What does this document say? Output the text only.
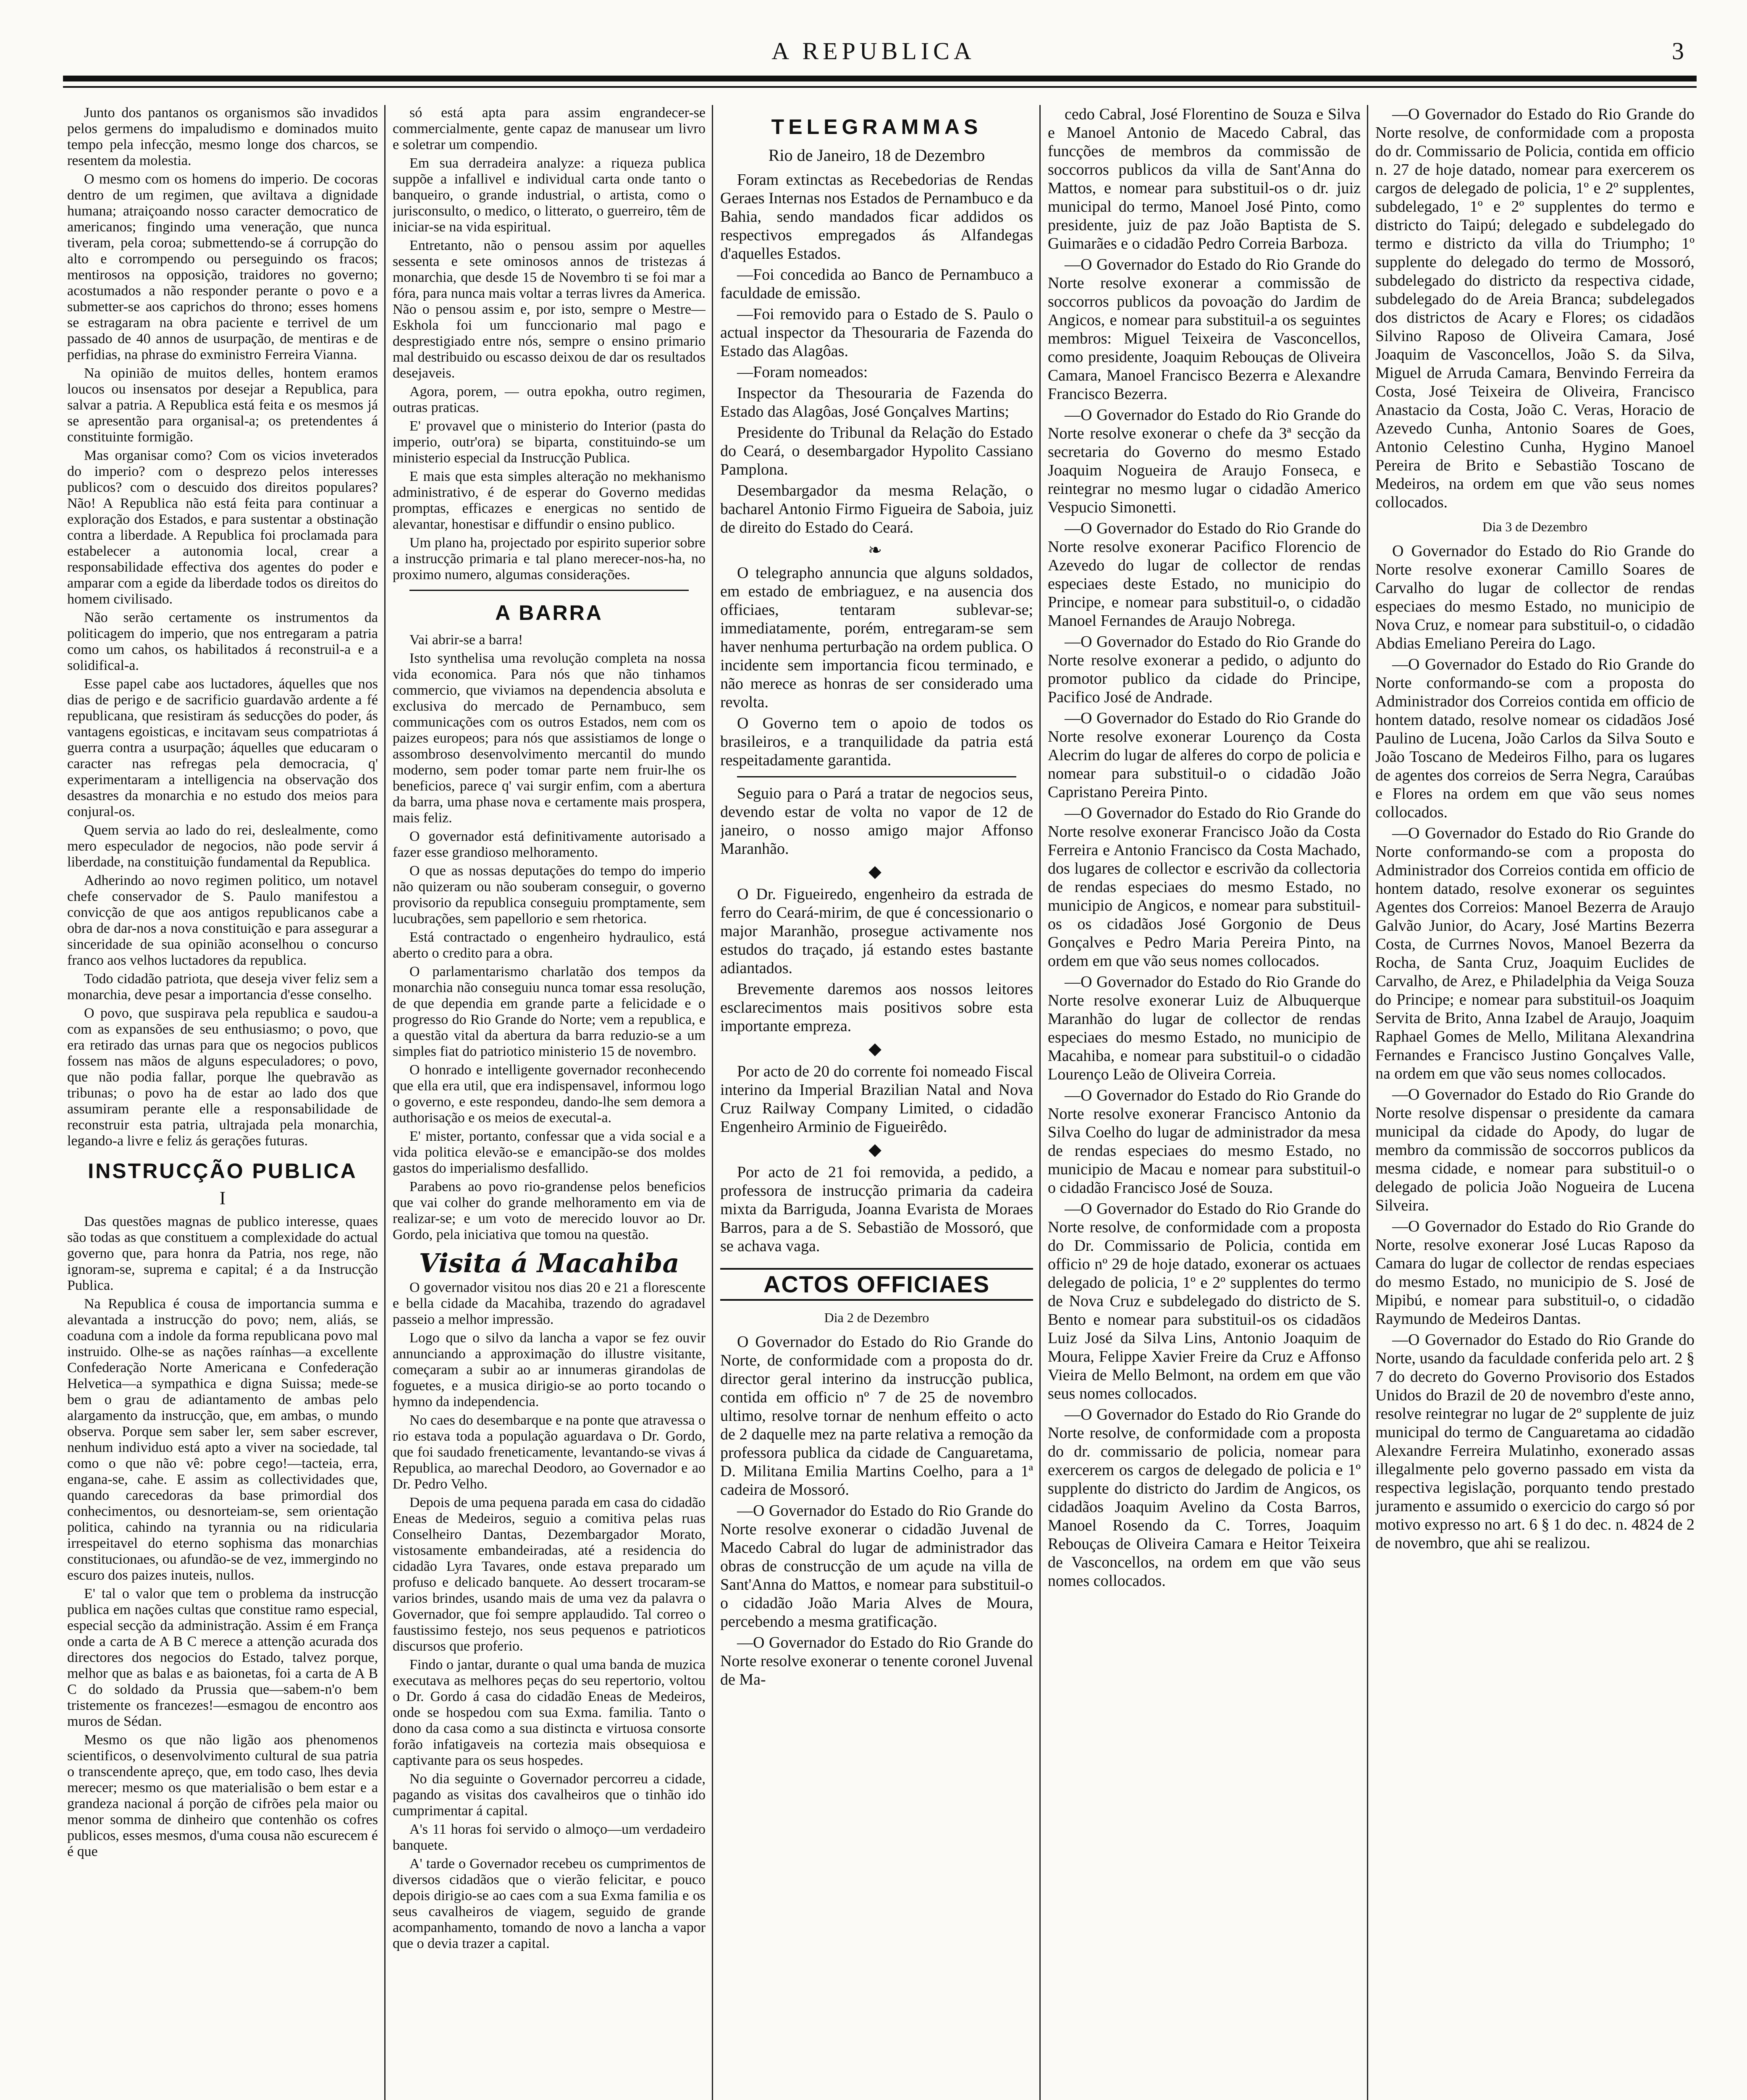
A REPUBLICA	3

Junto dos pantanos os organismos são invadidos pelos germens do impaludismo e dominados muito tempo pela infecção, mesmo longe dos charcos, se resentem da molestia.

O mesmo com os homens do imperio. De cocoras dentro de um regimen, que aviltava a dignidade humana; atraiçoando nosso caracter democratico de americanos; fingindo uma veneração, que nunca tiveram, pela coroa; submettendo-se á corrupção do alto e corrompendo ou perseguindo os fracos; mentirosos na opposição, traidores no governo; acostumados a não responder perante o povo e a submetter-se aos caprichos do throno; esses homens se estragaram na obra paciente e terrivel de um passado de 40 annos de usurpação, de mentiras e de perfidias, na phrase do exministro Ferreira Vianna.

Na opinião de muitos delles, hontem eramos loucos ou insensatos por desejar a Republica, para salvar a patria. A Republica está feita e os mesmos já se apresentão para organisal-a; os pretendentes á constituinte formigão.

Mas organisar como? Com os vicios inveterados do imperio? com o desprezo pelos interesses publicos? com o descuido dos direitos populares? Não! A Republica não está feita para continuar a exploração dos Estados, e para sustentar a obstinação contra a liberdade. A Republica foi proclamada para estabelecer a autonomia local, crear a responsabilidade effectiva dos agentes do poder e amparar com a egide da liberdade todos os direitos do homem civilisado.

Não serão certamente os instrumentos da politicagem do imperio, que nos entregaram a patria como um cahos, os habilitados á reconstruil-a e a solidifical-a.

Esse papel cabe aos luctadores, áquelles que nos dias de perigo e de sacrificio guardavão ardente a fé republicana, que resistiram ás seducções do poder, ás vantagens egoisticas, e incitavam seus compatriotas á guerra contra a usurpação; áquelles que educaram o caracter nas refregas pela democracia, q' experimentaram a intelligencia na observação dos desastres da monarchia e no estudo dos meios para conjural-os.

Quem servia ao lado do rei, deslealmente, como mero especulador de negocios, não pode servir á liberdade, na constituição fundamental da Republica.

Adherindo ao novo regimen politico, um notavel chefe conservador de S. Paulo manifestou a convicção de que aos antigos republicanos cabe a obra de dar-nos a nova constituição e para assegurar a sinceridade de sua opinião aconselhou o concurso franco aos velhos luctadores da republica.

Todo cidadão patriota, que deseja viver feliz sem a monarchia, deve pesar a importancia d'esse conselho.

O povo, que suspirava pela republica e saudou-a com as expansões de seu enthusiasmo; o povo, que era retirado das urnas para que os negocios publicos fossem nas mãos de alguns especuladores; o povo, que não podia fallar, porque lhe quebravão as tribunas; o povo ha de estar ao lado dos que assumiram perante elle a responsabilidade de reconstruir esta patria, ultrajada pela monarchia, legando-a livre e feliz ás gerações futuras.

INSTRUCÇÃO PUBLICA
I

Das questões magnas de publico interesse, quaes são todas as que constituem a complexidade do actual governo que, para honra da Patria, nos rege, não ignoram-se, suprema e capital; é a da Instrucção Publica.

Na Republica é cousa de importancia summa e alevantada a instrucção do povo; nem, aliás, se coaduna com a indole da forma republicana povo mal instruido. Olhe-se as nações raínhas—a excellente Confederação Norte Americana e Confederação Helvetica—a sympathica e digna Suissa; mede-se bem o grau de adiantamento de ambas pelo alargamento da instrucção, que, em ambas, o mundo observa. Porque sem saber ler, sem saber escrever, nenhum individuo está apto a viver na sociedade, tal como o que não vê: pobre cego!—tacteia, erra, engana-se, cahe. E assim as collectividades que, quando carecedoras da base primordial dos conhecimentos, ou desnorteiam-se, sem orientação politica, cahindo na tyrannia ou na ridicularia irrespeitavel do eterno sophisma das monarchias constitucionaes, ou afundão-se de vez, immergindo no escuro dos paizes inuteis, nullos.

E' tal o valor que tem o problema da instrucção publica em nações cultas que constitue ramo especial, especial secção da administração. Assim é em França onde a carta de A B C merece a attenção acurada dos directores dos negocios do Estado, talvez porque, melhor que as balas e as baionetas, foi a carta de A B C do soldado da Prussia que—sabem-n'o bem tristemente os francezes!—esmagou de encontro aos muros de Sédan.

Mesmo os que não ligão aos phenomenos scientificos, o desenvolvimento cultural de sua patria o transcendente apreço, que, em todo caso, lhes devia merecer; mesmo os que materialisão o bem estar e a grandeza nacional á porção de cifrões pela maior ou menor somma de dinheiro que contenhão os cofres publicos, esses mesmos, d'uma cousa não escurecem é é que

só está apta para assim engrandecer-se commercialmente, gente capaz de manusear um livro e soletrar um compendio.

Em sua derradeira analyze: a riqueza publica suppõe a infallivel e individual carta onde tanto o banqueiro, o grande industrial, o artista, como o jurisconsulto, o medico, o litterato, o guerreiro, têm de iniciar-se na vida espiritual.

Entretanto, não o pensou assim por aquelles sessenta e sete ominosos annos de tristezas á monarchia, que desde 15 de Novembro ti se foi mar a fóra, para nunca mais voltar a terras livres da America. Não o pensou assim e, por isto, sempre o Mestre—Eskhola foi um funccionario mal pago e desprestigiado entre nós, sempre o ensino primario mal destribuido ou escasso deixou de dar os resultados desejaveis.

Agora, porem, — outra epokha, outro regimen, outras praticas.

E' provavel que o ministerio do Interior (pasta do imperio, outr'ora) se biparta, constituindo-se um ministerio especial da Instrucção Publica.

E mais que esta simples alteração no mekhanismo administrativo, é de esperar do Governo medidas promptas, efficazes e energicas no sentido de alevantar, honestisar e diffundir o ensino publico.

Um plano ha, projectado por espirito superior sobre a instrucção primaria e tal plano merecer-nos-ha, no proximo numero, algumas considerações.

A BARRA

Vai abrir-se a barra!

Isto synthelisa uma revolução completa na nossa vida economica. Para nós que não tinhamos commercio, que viviamos na dependencia absoluta e exclusiva do mercado de Pernambuco, sem communicações com os outros Estados, nem com os paizes europeos; para nós que assistiamos de longe o assombroso desenvolvimento mercantil do mundo moderno, sem poder tomar parte nem fruir-lhe os beneficios, parece q' vai surgir enfim, com a abertura da barra, uma phase nova e certamente mais prospera, mais feliz.

O governador está definitivamente autorisado a fazer esse grandioso melhoramento.

O que as nossas deputações do tempo do imperio não quizeram ou não souberam conseguir, o governo provisorio da republica conseguiu promptamente, sem lucubrações, sem papellorio e sem rhetorica.

Está contractado o engenheiro hydraulico, está aberto o credito para a obra.

O parlamentarismo charlatão dos tempos da monarchia não conseguiu nunca tomar essa resolução, de que dependia em grande parte a felicidade e o progresso do Rio Grande do Norte; vem a republica, e a questão vital da abertura da barra reduzio-se a um simples fiat do patriotico ministerio 15 de novembro.

O honrado e intelligente governador reconhecendo que ella era util, que era indispensavel, informou logo o governo, e este respondeu, dando-lhe sem demora a authorisação e os meios de executal-a.

E' mister, portanto, confessar que a vida social e a vida politica elevão-se e emancipão-se dos moldes gastos do imperialismo desfallido.

Parabens ao povo rio-grandense pelos beneficios que vai colher do grande melhoramento em via de realizar-se; e um voto de merecido louvor ao Dr. Gordo, pela iniciativa que tomou na questão.

Visita á Macahiba

O governador visitou nos dias 20 e 21 a florescente e bella cidade da Macahiba, trazendo do agradavel passeio a melhor impressão.

Logo que o silvo da lancha a vapor se fez ouvir annunciando a approximação do illustre visitante, começaram a subir ao ar innumeras girandolas de foguetes, e a musica dirigio-se ao porto tocando o hymno da independencia.

No caes do desembarque e na ponte que atravessa o rio estava toda a população aguardava o Dr. Gordo, que foi saudado freneticamente, levantando-se vivas á Republica, ao marechal Deodoro, ao Governador e ao Dr. Pedro Velho.

Depois de uma pequena parada em casa do cidadão Eneas de Medeiros, seguio a comitiva pelas ruas Conselheiro Dantas, Dezembargador Morato, vistosamente embandeiradas, até a residencia do cidadão Lyra Tavares, onde estava preparado um profuso e delicado banquete. Ao dessert trocaram-se varios brindes, usando mais de uma vez da palavra o Governador, que foi sempre applaudido. Tal correo o faustissimo festejo, nos seus pequenos e patrioticos discursos que proferio.

Findo o jantar, durante o qual uma banda de muzica executava as melhores peças do seu repertorio, voltou o Dr. Gordo á casa do cidadão Eneas de Medeiros, onde se hospedou com sua Exma. familia. Tanto o dono da casa como a sua distincta e virtuosa consorte forão infatigaveis na cortezia mais obsequiosa e captivante para os seus hospedes.

No dia seguinte o Governador percorreu a cidade, pagando as visitas dos cavalheiros que o tinhão ido cumprimentar á capital.

A's 11 horas foi servido o almoço—um verdadeiro banquete.

A' tarde o Governador recebeu os cumprimentos de diversos cidadãos que o vierão felicitar, e pouco depois dirigio-se ao caes com a sua Exma familia e os seus cavalheiros de viagem, seguido de grande acompanhamento, tomando de novo a lancha a vapor que o devia trazer a capital.

TELEGRAMMAS
Rio de Janeiro, 18 de Dezembro

Foram extinctas as Recebedorias de Rendas Geraes Internas nos Estados de Pernambuco e da Bahia, sendo mandados ficar addidos os respectivos empregados ás Alfandegas d'aquelles Estados.

—Foi concedida ao Banco de Pernambuco a faculdade de emissão.

—Foi removido para o Estado de S. Paulo o actual inspector da Thesouraria de Fazenda do Estado das Alagôas.

—Foram nomeados:

Inspector da Thesouraria de Fazenda do Estado das Alagôas, José Gonçalves Martins;

Presidente do Tribunal da Relação do Estado do Ceará, o desembargador Hypolito Cassiano Pamplona.

Desembargador da mesma Relação, o bacharel Antonio Firmo Figueira de Saboia, juiz de direito do Estado do Ceará.

❧

O telegrapho annuncia que alguns soldados, em estado de embriaguez, e na ausencia dos officiaes, tentaram sublevar-se; immediatamente, porém, entregaram-se sem haver nenhuma perturbação na ordem publica. O incidente sem importancia ficou terminado, e não merece as honras de ser considerado uma revolta.

O Governo tem o apoio de todos os brasileiros, e a tranquilidade da patria está respeitadamente garantida.

Seguio para o Pará a tratar de negocios seus, devendo estar de volta no vapor de 12 de janeiro, o nosso amigo major Affonso Maranhão.

◆

O Dr. Figueiredo, engenheiro da estrada de ferro do Ceará-mirim, de que é concessionario o major Maranhão, prosegue activamente nos estudos do traçado, já estando estes bastante adiantados.

Brevemente daremos aos nossos leitores esclarecimentos mais positivos sobre esta importante empreza.

◆

Por acto de 20 do corrente foi nomeado Fiscal interino da Imperial Brazilian Natal and Nova Cruz Railway Company Limited, o cidadão Engenheiro Arminio de Figueirêdo.

◆

Por acto de 21 foi removida, a pedido, a professora de instrucção primaria da cadeira mixta da Barriguda, Joanna Evarista de Moraes Barros, para a de S. Sebastião de Mossoró, que se achava vaga.

ACTOS OFFICIAES
Dia 2 de Dezembro

O Governador do Estado do Rio Grande do Norte, de conformidade com a proposta do dr. director geral interino da instrucção publica, contida em officio nº 7 de 25 de novembro ultimo, resolve tornar de nenhum effeito o acto de 2 daquelle mez na parte relativa a remoção da professora publica da cidade de Canguaretama, D. Militana Emilia Martins Coelho, para a 1ª cadeira de Mossoró.

—O Governador do Estado do Rio Grande do Norte resolve exonerar o cidadão Juvenal de Macedo Cabral do lugar de administrador das obras de construcção de um açude na villa de Sant'Anna do Mattos, e nomear para substituil-o o cidadão João Maria Alves de Moura, percebendo a mesma gratificação.

—O Governador do Estado do Rio Grande do Norte resolve exonerar o tenente coronel Juvenal de Ma-

cedo Cabral, José Florentino de Souza e Silva e Manoel Antonio de Macedo Cabral, das funcções de membros da commissão de soccorros publicos da villa de Sant'Anna do Mattos, e nomear para substituil-os o dr. juiz municipal do termo, Manoel José Pinto, como presidente, juiz de paz João Baptista de S. Guimarães e o cidadão Pedro Correia Barboza.

—O Governador do Estado do Rio Grande do Norte resolve exonerar a commissão de soccorros publicos da povoação do Jardim de Angicos, e nomear para substituil-a os seguintes membros: Miguel Teixeira de Vasconcellos, como presidente, Joaquim Rebouças de Oliveira Camara, Manoel Francisco Bezerra e Alexandre Francisco Bezerra.

—O Governador do Estado do Rio Grande do Norte resolve exonerar o chefe da 3ª secção da secretaria do Governo do mesmo Estado Joaquim Nogueira de Araujo Fonseca, e reintegrar no mesmo lugar o cidadão Americo Vespucio Simonetti.

—O Governador do Estado do Rio Grande do Norte resolve exonerar Pacifico Florencio de Azevedo do lugar de collector de rendas especiaes deste Estado, no municipio do Principe, e nomear para substituil-o, o cidadão Manoel Fernandes de Araujo Nobrega.

—O Governador do Estado do Rio Grande do Norte resolve exonerar a pedido, o adjunto do promotor publico da cidade do Principe, Pacifico José de Andrade.

—O Governador do Estado do Rio Grande do Norte resolve exonerar Lourenço da Costa Alecrim do lugar de alferes do corpo de policia e nomear para substituil-o o cidadão João Capristano Pereira Pinto.

—O Governador do Estado do Rio Grande do Norte resolve exonerar Francisco João da Costa Ferreira e Antonio Francisco da Costa Machado, dos lugares de collector e escrivão da collectoria de rendas especiaes do mesmo Estado, no municipio de Angicos, e nomear para substituil-os os cidadãos José Gorgonio de Deus Gonçalves e Pedro Maria Pereira Pinto, na ordem em que vão seus nomes collocados.

—O Governador do Estado do Rio Grande do Norte resolve exonerar Luiz de Albuquerque Maranhão do lugar de collector de rendas especiaes do mesmo Estado, no municipio de Macahiba, e nomear para substituil-o o cidadão Lourenço Leão de Oliveira Correia.

—O Governador do Estado do Rio Grande do Norte resolve exonerar Francisco Antonio da Silva Coelho do lugar de administrador da mesa de rendas especiaes do mesmo Estado, no municipio de Macau e nomear para substituil-o o cidadão Francisco José de Souza.

—O Governador do Estado do Rio Grande do Norte resolve, de conformidade com a proposta do Dr. Commissario de Policia, contida em officio nº 29 de hoje datado, exonerar os actuaes delegado de policia, 1º e 2º supplentes do termo de Nova Cruz e subdelegado do districto de S. Bento e nomear para substituil-os os cidadãos Luiz José da Silva Lins, Antonio Joaquim de Moura, Felippe Xavier Freire da Cruz e Affonso Vieira de Mello Belmont, na ordem em que vão seus nomes collocados.

—O Governador do Estado do Rio Grande do Norte resolve, de conformidade com a proposta do dr. commissario de policia, nomear para exercerem os cargos de delegado de policia e 1º supplente do districto do Jardim de Angicos, os cidadãos Joaquim Avelino da Costa Barros, Manoel Rosendo da C. Torres, Joaquim Rebouças de Oliveira Camara e Heitor Teixeira de Vasconcellos, na ordem em que vão seus nomes collocados.

—O Governador do Estado do Rio Grande do Norte resolve, de conformidade com a proposta do dr. Commissario de Policia, contida em officio n. 27 de hoje datado, nomear para exercerem os cargos de delegado de policia, 1º e 2º supplentes, subdelegado, 1º e 2º supplentes do termo e districto do Taipú; delegado e subdelegado do termo e districto da villa do Triumpho; 1º supplente do delegado do termo de Mossoró, subdelegado do districto da respectiva cidade, subdelegado do de Areia Branca; subdelegados dos districtos de Acary e Flores; os cidadãos Silvino Raposo de Oliveira Camara, José Joaquim de Vasconcellos, João S. da Silva, Miguel de Arruda Camara, Benvindo Ferreira da Costa, José Teixeira de Oliveira, Francisco Anastacio da Costa, João C. Veras, Horacio de Azevedo Cunha, Antonio Soares de Goes, Antonio Celestino Cunha, Hygino Manoel Pereira de Brito e Sebastião Toscano de Medeiros, na ordem em que vão seus nomes collocados.

Dia 3 de Dezembro

O Governador do Estado do Rio Grande do Norte resolve exonerar Camillo Soares de Carvalho do lugar de collector de rendas especiaes do mesmo Estado, no municipio de Nova Cruz, e nomear para substituil-o, o cidadão Abdias Emeliano Pereira do Lago.

—O Governador do Estado do Rio Grande do Norte conformando-se com a proposta do Administrador dos Correios contida em officio de hontem datado, resolve nomear os cidadãos José Paulino de Lucena, João Carlos da Silva Souto e João Toscano de Medeiros Filho, para os lugares de agentes dos correios de Serra Negra, Caraúbas e Flores na ordem em que vão seus nomes collocados.

—O Governador do Estado do Rio Grande do Norte conformando-se com a proposta do Administrador dos Correios contida em officio de hontem datado, resolve exonerar os seguintes Agentes dos Correios: Manoel Bezerra de Araujo Galvão Junior, do Acary, José Martins Bezerra Costa, de Currnes Novos, Manoel Bezerra da Rocha, de Santa Cruz, Joaquim Euclides de Carvalho, de Arez, e Philadelphia da Veiga Souza do Principe; e nomear para substituil-os Joaquim Servita de Brito, Anna Izabel de Araujo, Joaquim Raphael Gomes de Mello, Militana Alexandrina Fernandes e Francisco Justino Gonçalves Valle, na ordem em que vão seus nomes collocados.

—O Governador do Estado do Rio Grande do Norte resolve dispensar o presidente da camara municipal da cidade do Apody, do lugar de membro da commissão de soccorros publicos da mesma cidade, e nomear para substituil-o o delegado de policia João Nogueira de Lucena Silveira.

—O Governador do Estado do Rio Grande do Norte, resolve exonerar José Lucas Raposo da Camara do lugar de collector de rendas especiaes do mesmo Estado, no municipio de S. José de Mipibú, e nomear para substituil-o, o cidadão Raymundo de Medeiros Dantas.

—O Governador do Estado do Rio Grande do Norte, usando da faculdade conferida pelo art. 2 § 7 do decreto do Governo Provisorio dos Estados Unidos do Brazil de 20 de novembro d'este anno, resolve reintegrar no lugar de 2º supplente de juiz municipal do termo de Canguaretama ao cidadão Alexandre Ferreira Mulatinho, exonerado assas illegalmente pelo governo passado em vista da respectiva legislação, porquanto tendo prestado juramento e assumido o exercicio do cargo só por motivo expresso no art. 6 § 1 do dec. n. 4824 de 2 de novembro, que ahi se realizou.
